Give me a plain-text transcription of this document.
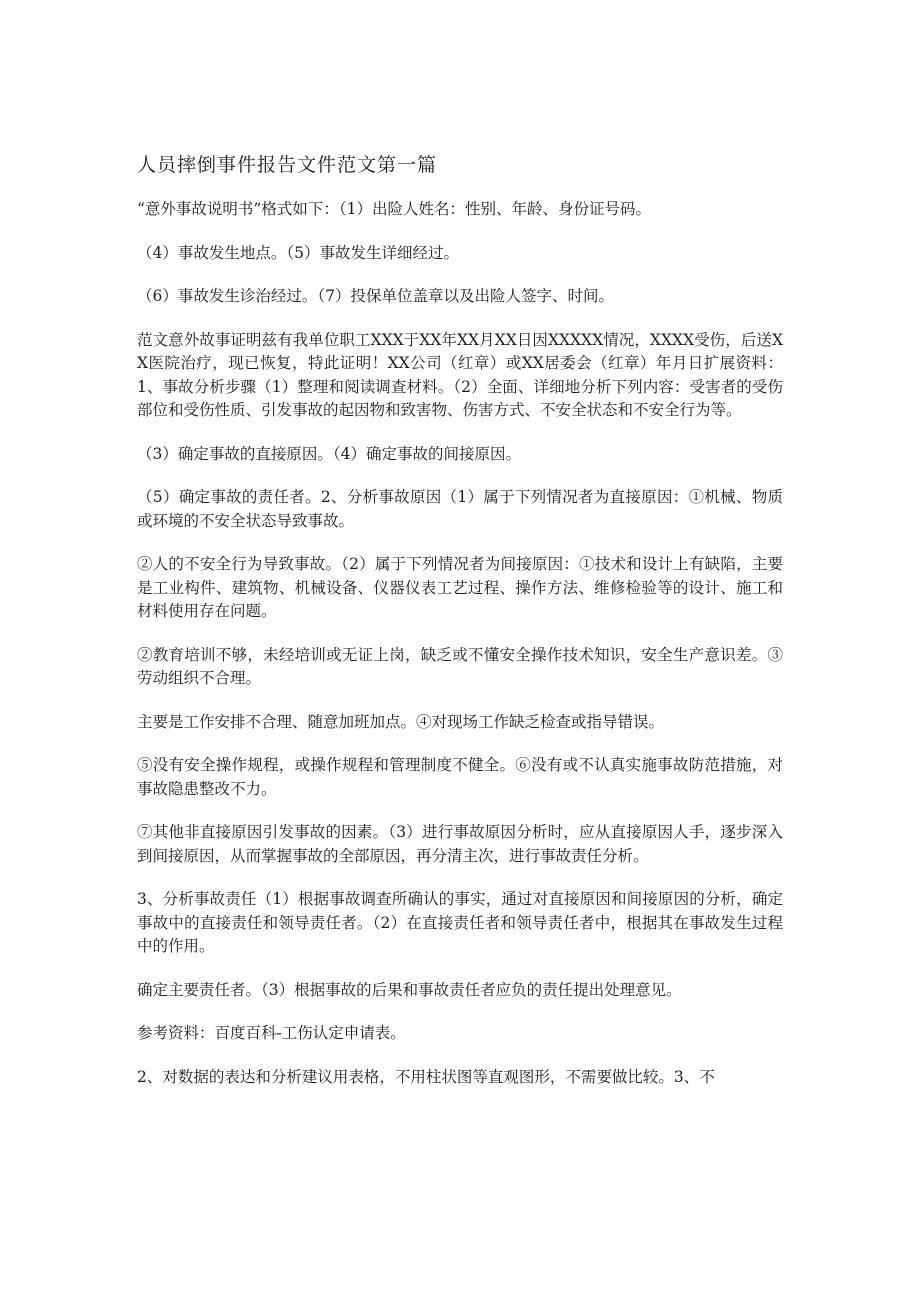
人员摔倒事件报告文件范文第一篇

“意外事故说明书”格式如下：（1）出险人姓名：性别、年龄、身份证号码。

（4）事故发生地点。（5）事故发生详细经过。

（6）事故发生诊治经过。（7）投保单位盖章以及出险人签字、时间。

范文意外故事证明兹有我单位职工XXX于XX年XX月XX日因XXXXX情况，XXXX受伤，后送XX医院治疗，现已恢复，特此证明！XX公司（红章）或XX居委会（红章）年月日扩展资料：1、事故分析步骤（1）整理和阅读调查材料。（2）全面、详细地分析下列内容：受害者的受伤部位和受伤性质、引发事故的起因物和致害物、伤害方式、不安全状态和不安全行为等。

（3）确定事故的直接原因。（4）确定事故的间接原因。

（5）确定事故的责任者。2、分析事故原因（1）属于下列情况者为直接原因：①机械、物质或环境的不安全状态导致事故。

②人的不安全行为导致事故。（2）属于下列情况者为间接原因：①技术和设计上有缺陷，主要是工业构件、建筑物、机械设备、仪器仪表工艺过程、操作方法、维修检验等的设计、施工和材料使用存在问题。

②教育培训不够，未经培训或无证上岗，缺乏或不懂安全操作技术知识，安全生产意识差。③劳动组织不合理。

主要是工作安排不合理、随意加班加点。④对现场工作缺乏检查或指导错误。

⑤没有安全操作规程，或操作规程和管理制度不健全。⑥没有或不认真实施事故防范措施，对事故隐患整改不力。

⑦其他非直接原因引发事故的因素。（3）进行事故原因分析时，应从直接原因人手，逐步深入到间接原因，从而掌握事故的全部原因，再分清主次，进行事故责任分析。

3、分析事故责任（1）根据事故调查所确认的事实，通过对直接原因和间接原因的分析，确定事故中的直接责任和领导责任者。（2）在直接责任者和领导责任者中，根据其在事故发生过程中的作用。

确定主要责任者。（3）根据事故的后果和事故责任者应负的责任提出处理意见。

参考资料：百度百科-工伤认定申请表。

2、对数据的表达和分析建议用表格，不用柱状图等直观图形，不需要做比较。3、不
